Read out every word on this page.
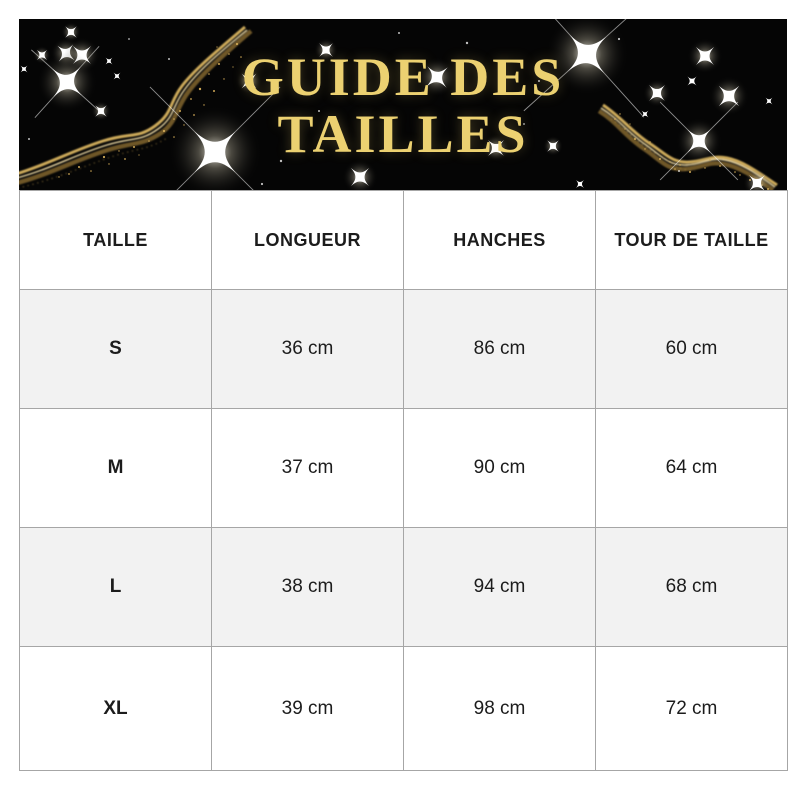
GUIDE DES
TAILLES
TAILLE	LONGUEUR	HANCHES	TOUR DE TAILLE
S	36 cm	86 cm	60 cm
M	37 cm	90 cm	64 cm
L	38 cm	94 cm	68 cm
XL	39 cm	98 cm	72 cm
